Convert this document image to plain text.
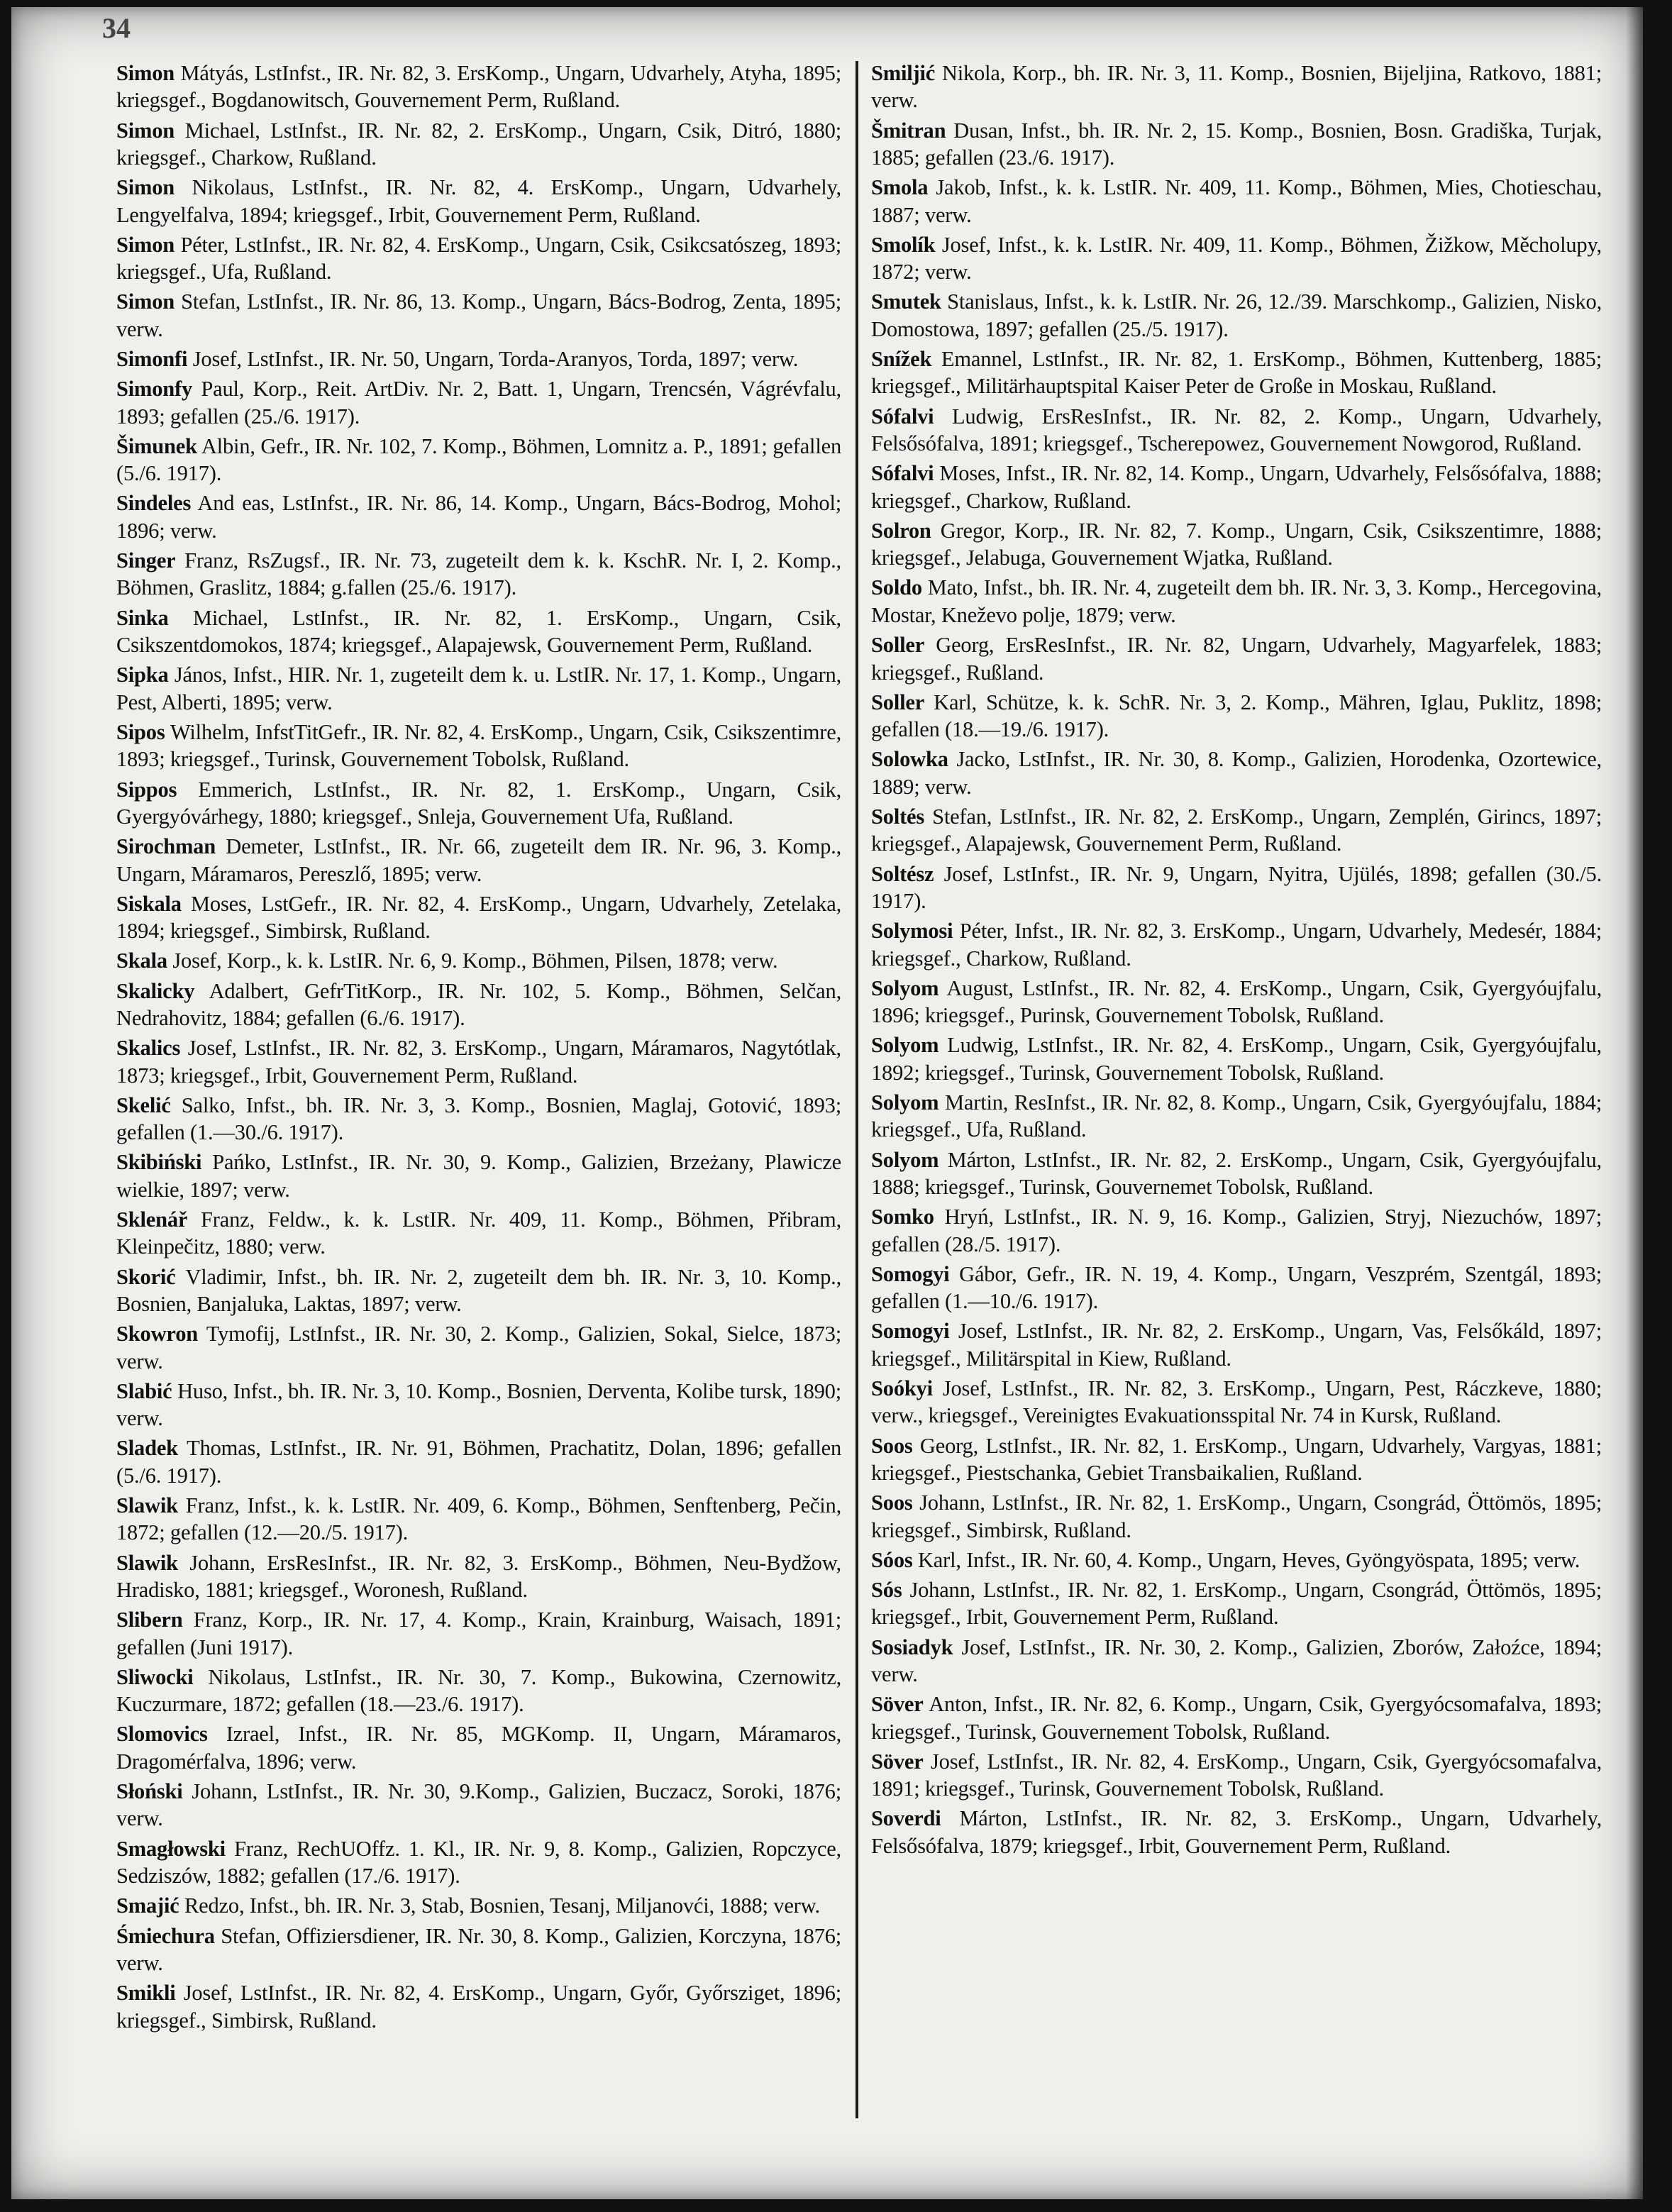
34

Simon Mátyás, LstInfst., IR. Nr. 82, 3. ErsKomp., Ungarn, Udvarhely, Atyha, 1895; kriegsgef., Bogdanowitsch, Gouvernement Perm, Rußland.

Simon Michael, LstInfst., IR. Nr. 82, 2. ErsKomp., Ungarn, Csik, Ditró, 1880; kriegsgef., Charkow, Rußland.

Simon Nikolaus, LstInfst., IR. Nr. 82, 4. ErsKomp., Ungarn, Udvarhely, Lengyelfalva, 1894; kriegsgef., Irbit, Gouvernement Perm, Rußland.

Simon Péter, LstInfst., IR. Nr. 82, 4. ErsKomp., Ungarn, Csik, Csikcsatószeg, 1893; kriegsgef., Ufa, Rußland.

Simon Stefan, LstInfst., IR. Nr. 86, 13. Komp., Ungarn, Bács-Bodrog, Zenta, 1895; verw.

Simonfi Josef, LstInfst., IR. Nr. 50, Ungarn, Torda-Aranyos, Torda, 1897; verw.

Simonfy Paul, Korp., Reit. ArtDiv. Nr. 2, Batt. 1, Ungarn, Trencsén, Vágrévfalu, 1893; gefallen (25./6. 1917).

Šimunek Albin, Gefr., IR. Nr. 102, 7. Komp., Böhmen, Lomnitz a. P., 1891; gefallen (5./6. 1917).

Sindeles And eas, LstInfst., IR. Nr. 86, 14. Komp., Ungarn, Bács-Bodrog, Mohol; 1896; verw.

Singer Franz, RsZugsf., IR. Nr. 73, zugeteilt dem k. k. KschR. Nr. I, 2. Komp., Böhmen, Graslitz, 1884; g.fallen (25./6. 1917).

Sinka Michael, LstInfst., IR. Nr. 82, 1. ErsKomp., Ungarn, Csik, Csikszentdomokos, 1874; kriegsgef., Alapajewsk, Gouvernement Perm, Rußland.

Sipka János, Infst., HIR. Nr. 1, zugeteilt dem k. u. LstIR. Nr. 17, 1. Komp., Ungarn, Pest, Alberti, 1895; verw.

Sipos Wilhelm, InfstTitGefr., IR. Nr. 82, 4. ErsKomp., Ungarn, Csik, Csikszentimre, 1893; kriegsgef., Turinsk, Gouvernement Tobolsk, Rußland.

Sippos Emmerich, LstInfst., IR. Nr. 82, 1. ErsKomp., Ungarn, Csik, Gyergyóvárhegy, 1880; kriegsgef., Snleja, Gouvernement Ufa, Rußland.

Sirochman Demeter, LstInfst., IR. Nr. 66, zugeteilt dem IR. Nr. 96, 3. Komp., Ungarn, Máramaros, Pereszlő, 1895; verw.

Siskala Moses, LstGefr., IR. Nr. 82, 4. ErsKomp., Ungarn, Udvarhely, Zetelaka, 1894; kriegsgef., Simbirsk, Rußland.

Skala Josef, Korp., k. k. LstIR. Nr. 6, 9. Komp., Böhmen, Pilsen, 1878; verw.

Skalicky Adalbert, GefrTitKorp., IR. Nr. 102, 5. Komp., Böhmen, Selčan, Nedrahovitz, 1884; gefallen (6./6. 1917).

Skalics Josef, LstInfst., IR. Nr. 82, 3. ErsKomp., Ungarn, Máramaros, Nagytótlak, 1873; kriegsgef., Irbit, Gouvernement Perm, Rußland.

Skelić Salko, Infst., bh. IR. Nr. 3, 3. Komp., Bosnien, Maglaj, Gotović, 1893; gefallen (1.—30./6. 1917).

Skibiński Pańko, LstInfst., IR. Nr. 30, 9. Komp., Galizien, Brzeżany, Plawicze wielkie, 1897; verw.

Sklenář Franz, Feldw., k. k. LstIR. Nr. 409, 11. Komp., Böhmen, Přibram, Kleinpečitz, 1880; verw.

Skorić Vladimir, Infst., bh. IR. Nr. 2, zugeteilt dem bh. IR. Nr. 3, 10. Komp., Bosnien, Banjaluka, Laktas, 1897; verw.

Skowron Tymofij, LstInfst., IR. Nr. 30, 2. Komp., Galizien, Sokal, Sielce, 1873; verw.

Slabić Huso, Infst., bh. IR. Nr. 3, 10. Komp., Bosnien, Derventa, Kolibe tursk, 1890; verw.

Sladek Thomas, LstInfst., IR. Nr. 91, Böhmen, Prachatitz, Dolan, 1896; gefallen (5./6. 1917).

Slawik Franz, Infst., k. k. LstIR. Nr. 409, 6. Komp., Böhmen, Senftenberg, Pečin, 1872; gefallen (12.—20./5. 1917).

Slawik Johann, ErsResInfst., IR. Nr. 82, 3. ErsKomp., Böhmen, Neu-Bydžow, Hradisko, 1881; kriegsgef., Woronesh, Rußland.

Slibern Franz, Korp., IR. Nr. 17, 4. Komp., Krain, Krainburg, Waisach, 1891; gefallen (Juni 1917).

Sliwocki Nikolaus, LstInfst., IR. Nr. 30, 7. Komp., Bukowina, Czernowitz, Kuczurmare, 1872; gefallen (18.—23./6. 1917).

Slomovics Izrael, Infst., IR. Nr. 85, MGKomp. II, Ungarn, Máramaros, Dragomérfalva, 1896; verw.

Słoński Johann, LstInfst., IR. Nr. 30, 9.Komp., Galizien, Buczacz, Soroki, 1876; verw.

Smagłowski Franz, RechUOffz. 1. Kl., IR. Nr. 9, 8. Komp., Galizien, Ropczyce, Sedziszów, 1882; gefallen (17./6. 1917).

Smajić Redzo, Infst., bh. IR. Nr. 3, Stab, Bosnien, Tesanj, Miljanovći, 1888; verw.

Śmiechura Stefan, Offiziersdiener, IR. Nr. 30, 8. Komp., Galizien, Korczyna, 1876; verw.

Smikli Josef, LstInfst., IR. Nr. 82, 4. ErsKomp., Ungarn, Győr, Győrsziget, 1896; kriegsgef., Simbirsk, Rußland.

Smiljić Nikola, Korp., bh. IR. Nr. 3, 11. Komp., Bosnien, Bijeljina, Ratkovo, 1881; verw.

Šmitran Dusan, Infst., bh. IR. Nr. 2, 15. Komp., Bosnien, Bosn. Gradiška, Turjak, 1885; gefallen (23./6. 1917).

Smola Jakob, Infst., k. k. LstIR. Nr. 409, 11. Komp., Böhmen, Mies, Chotieschau, 1887; verw.

Smolík Josef, Infst., k. k. LstIR. Nr. 409, 11. Komp., Böhmen, Žižkow, Měcholupy, 1872; verw.

Smutek Stanislaus, Infst., k. k. LstIR. Nr. 26, 12./39. Marschkomp., Galizien, Nisko, Domostowa, 1897; gefallen (25./5. 1917).

Snížek Emannel, LstInfst., IR. Nr. 82, 1. ErsKomp., Böhmen, Kuttenberg, 1885; kriegsgef., Militärhauptspital Kaiser Peter de Große in Moskau, Rußland.

Sófalvi Ludwig, ErsResInfst., IR. Nr. 82, 2. Komp., Ungarn, Udvarhely, Felsősófalva, 1891; kriegsgef., Tscherepowez, Gouvernement Nowgorod, Rußland.

Sófalvi Moses, Infst., IR. Nr. 82, 14. Komp., Ungarn, Udvarhely, Felsősófalva, 1888; kriegsgef., Charkow, Rußland.

Solron Gregor, Korp., IR. Nr. 82, 7. Komp., Ungarn, Csik, Csikszentimre, 1888; kriegsgef., Jelabuga, Gouvernement Wjatka, Rußland.

Soldo Mato, Infst., bh. IR. Nr. 4, zugeteilt dem bh. IR. Nr. 3, 3. Komp., Hercegovina, Mostar, Kneževo polje, 1879; verw.

Soller Georg, ErsResInfst., IR. Nr. 82, Ungarn, Udvarhely, Magyarfelek, 1883; kriegsgef., Rußland.

Soller Karl, Schütze, k. k. SchR. Nr. 3, 2. Komp., Mähren, Iglau, Puklitz, 1898; gefallen (18.—19./6. 1917).

Solowka Jacko, LstInfst., IR. Nr. 30, 8. Komp., Galizien, Horodenka, Ozortewice, 1889; verw.

Soltés Stefan, LstInfst., IR. Nr. 82, 2. ErsKomp., Ungarn, Zemplén, Girincs, 1897; kriegsgef., Alapajewsk, Gouvernement Perm, Rußland.

Soltész Josef, LstInfst., IR. Nr. 9, Ungarn, Nyitra, Ujülés, 1898; gefallen (30./5. 1917).

Solymosi Péter, Infst., IR. Nr. 82, 3. ErsKomp., Ungarn, Udvarhely, Medesér, 1884; kriegsgef., Charkow, Rußland.

Solyom August, LstInfst., IR. Nr. 82, 4. ErsKomp., Ungarn, Csik, Gyergyóujfalu, 1896; kriegsgef., Purinsk, Gouvernement Tobolsk, Rußland.

Solyom Ludwig, LstInfst., IR. Nr. 82, 4. ErsKomp., Ungarn, Csik, Gyergyóujfalu, 1892; kriegsgef., Turinsk, Gouvernement Tobolsk, Rußland.

Solyom Martin, ResInfst., IR. Nr. 82, 8. Komp., Ungarn, Csik, Gyergyóujfalu, 1884; kriegsgef., Ufa, Rußland.

Solyom Márton, LstInfst., IR. Nr. 82, 2. ErsKomp., Ungarn, Csik, Gyergyóujfalu, 1888; kriegsgef., Turinsk, Gouvernemet Tobolsk, Rußland.

Somko Hryń, LstInfst., IR. N. 9, 16. Komp., Galizien, Stryj, Niezuchów, 1897; gefallen (28./5. 1917).

Somogyi Gábor, Gefr., IR. N. 19, 4. Komp., Ungarn, Veszprém, Szentgál, 1893; gefallen (1.—10./6. 1917).

Somogyi Josef, LstInfst., IR. Nr. 82, 2. ErsKomp., Ungarn, Vas, Felsőkáld, 1897; kriegsgef., Militärspital in Kiew, Rußland.

Soókyi Josef, LstInfst., IR. Nr. 82, 3. ErsKomp., Ungarn, Pest, Ráczkeve, 1880; verw., kriegsgef., Vereinigtes Evakuationsspital Nr. 74 in Kursk, Rußland.

Soos Georg, LstInfst., IR. Nr. 82, 1. ErsKomp., Ungarn, Udvarhely, Vargyas, 1881; kriegsgef., Piestschanka, Gebiet Transbaikalien, Rußland.

Soos Johann, LstInfst., IR. Nr. 82, 1. ErsKomp., Ungarn, Csongrád, Öttömös, 1895; kriegsgef., Simbirsk, Rußland.

Sóos Karl, Infst., IR. Nr. 60, 4. Komp., Ungarn, Heves, Gyöngyöspata, 1895; verw.

Sós Johann, LstInfst., IR. Nr. 82, 1. ErsKomp., Ungarn, Csongrád, Öttömös, 1895; kriegsgef., Irbit, Gouvernement Perm, Rußland.

Sosiadyk Josef, LstInfst., IR. Nr. 30, 2. Komp., Galizien, Zborów, Załoźce, 1894; verw.

Söver Anton, Infst., IR. Nr. 82, 6. Komp., Ungarn, Csik, Gyergyócsomafalva, 1893; kriegsgef., Turinsk, Gouvernement Tobolsk, Rußland.

Söver Josef, LstInfst., IR. Nr. 82, 4. ErsKomp., Ungarn, Csik, Gyergyócsomafalva, 1891; kriegsgef., Turinsk, Gouvernement Tobolsk, Rußland.

Soverdi Márton, LstInfst., IR. Nr. 82, 3. ErsKomp., Ungarn, Udvarhely, Felsősófalva, 1879; kriegsgef., Irbit, Gouvernement Perm, Rußland.
